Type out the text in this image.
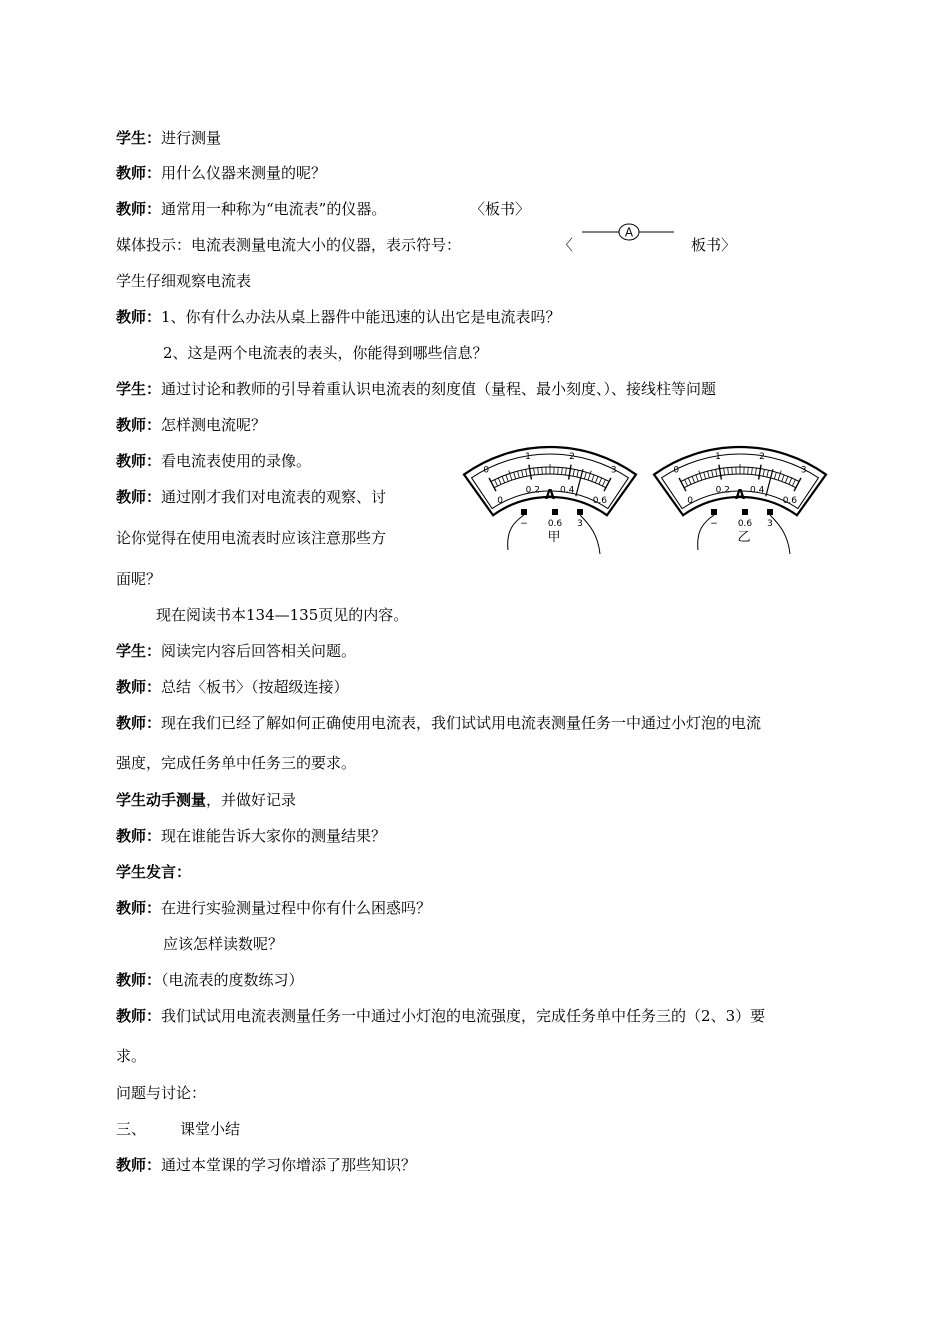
学生：进行测量
教师：用什么仪器来测量的呢？
教师：通常用一种称为“电流表”的仪器。	〈板书〉
媒体投示：电流表测量电流大小的仪器，表示符号：	〈
A
板书〉
学生仔细观察电流表
教师：1、你有什么办法从桌上器件中能迅速的认出它是电流表吗？
2、这是两个电流表的表头，你能得到哪些信息？
学生：通过讨论和教师的引导着重认识电流表的刻度值（量程、最小刻度、）、接线柱等问题
教师：怎样测电流呢？
教师：看电流表使用的录像。
教师：通过刚才我们对电流表的观察、讨
论你觉得在使用电流表时应该注意那些方
面呢？
现在阅读书本134—135页见的内容。
学生：阅读完内容后回答相关问题。
教师：总结〈板书〉（按超级连接）
教师：现在我们已经了解如何正确使用电流表，我们试试用电流表测量任务一中通过小灯泡的电流
强度，完成任务单中任务三的要求。
学生动手测量，并做好记录
教师：现在谁能告诉大家你的测量结果？
学生发言：
教师：在进行实验测量过程中你有什么困惑吗？
应该怎样读数呢？
教师：（电流表的度数练习）
教师：我们试试用电流表测量任务一中通过小灯泡的电流强度，完成任务单中任务三的（2、3）要
求。
问题与讨论：
三、 课堂小结
教师：通过本堂课的学习你增添了那些知识？
0
1	2
3
0
0.2 0.4
0.6
A
− 0.6 3
甲
0
1	2
3
0
0.2 0.4
0.6
A
− 0.6 3
乙
